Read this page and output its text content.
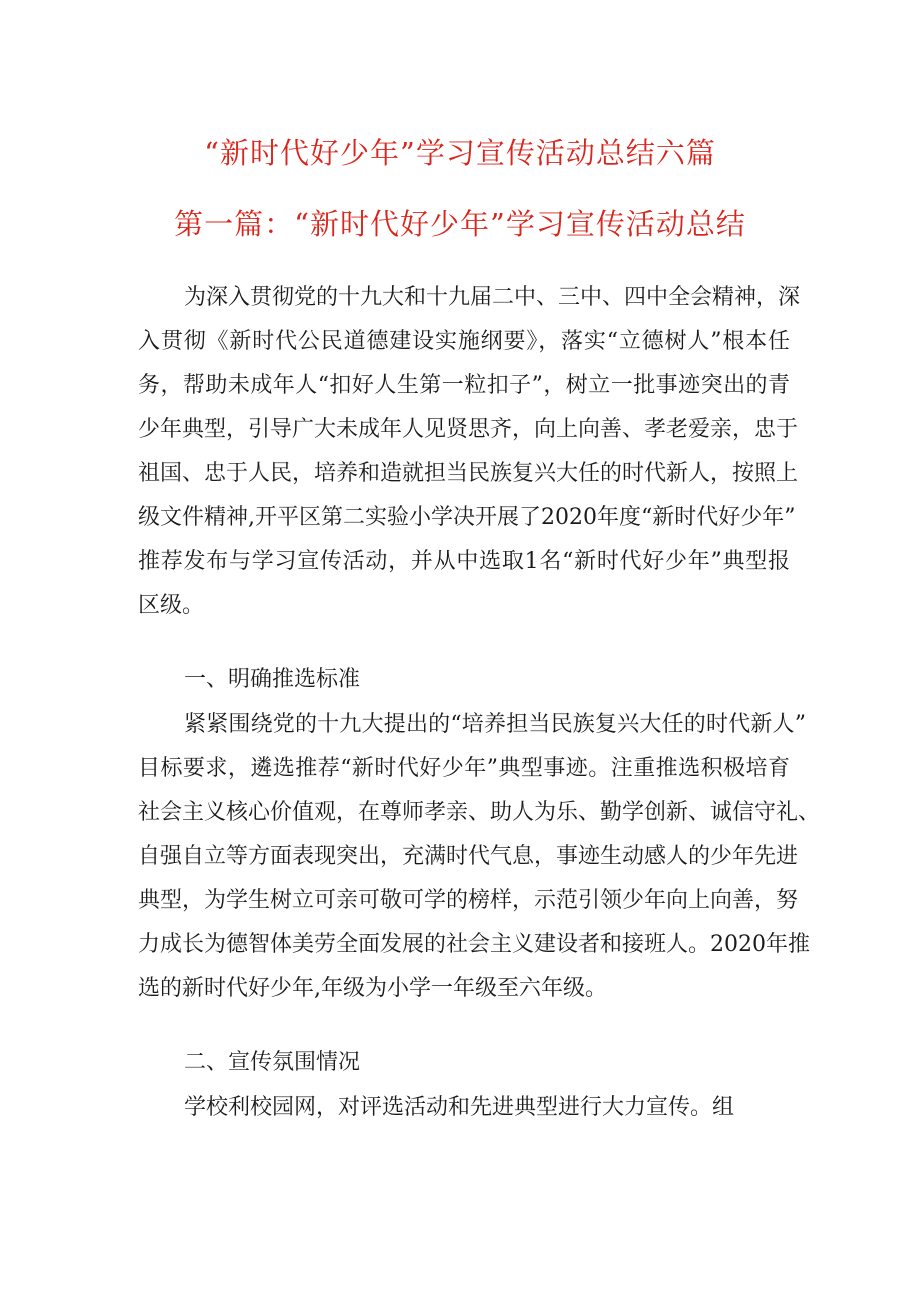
“新时代好少年”学习宣传活动总结六篇
第一篇：“新时代好少年”学习宣传活动总结
为深入贯彻党的十九大和十九届二中、三中、四中全会精神，深
入贯彻《新时代公民道德建设实施纲要》，落实“立德树人”根本任
务，帮助未成年人“扣好人生第一粒扣子”，树立一批事迹突出的青
少年典型，引导广大未成年人见贤思齐，向上向善、孝老爱亲，忠于
祖国、忠于人民，培养和造就担当民族复兴大任的时代新人，按照上
级文件精神,开平区第二实验小学决开展了2020年度“新时代好少年”
推荐发布与学习宣传活动，并从中选取1名“新时代好少年”典型报
区级。
一、明确推选标准
紧紧围绕党的十九大提出的“培养担当民族复兴大任的时代新人”
目标要求，遴选推荐“新时代好少年”典型事迹。注重推选积极培育
社会主义核心价值观，在尊师孝亲、助人为乐、勤学创新、诚信守礼、
自强自立等方面表现突出，充满时代气息，事迹生动感人的少年先进
典型，为学生树立可亲可敬可学的榜样，示范引领少年向上向善，努
力成长为德智体美劳全面发展的社会主义建设者和接班人。2020年推
选的新时代好少年,年级为小学一年级至六年级。
二、宣传氛围情况
学校利校园网，对评选活动和先进典型进行大力宣传。组
